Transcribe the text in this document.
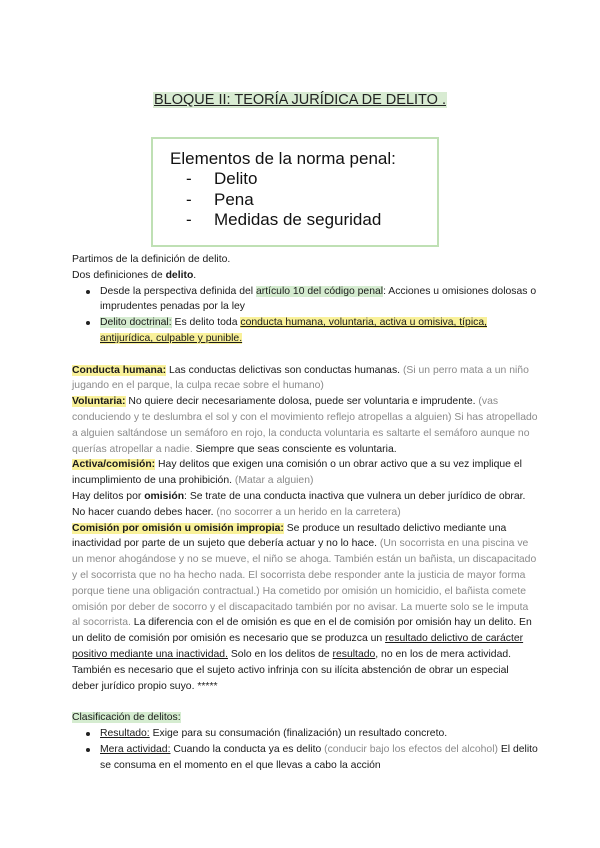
BLOQUE II: TEORÍA JURÍDICA DE DELITO .
Elementos de la norma penal:
- Delito
- Pena
- Medidas de seguridad

Partimos de la definición de delito.

Dos definiciones de delito.

Desde la perspectiva definida del artículo 10 del código penal: Acciones u omisiones dolosas o imprudentes penadas por la ley
Delito doctrinal: Es delito toda conducta humana, voluntaria, activa u omisiva, típica, antijurídica, culpable y punible.

Conducta humana: Las conductas delictivas son conductas humanas. (Si un perro mata a un niño jugando en el parque, la culpa recae sobre el humano)

Voluntaria: No quiere decir necesariamente dolosa, puede ser voluntaria e imprudente. (vas conduciendo y te deslumbra el sol y con el movimiento reflejo atropellas a alguien) Si has atropellado a alguien saltándose un semáforo en rojo, la conducta voluntaria es saltarte el semáforo aunque no querías atropellar a nadie. Siempre que seas consciente es voluntaria.

Activa/comisión: Hay delitos que exigen una comisión o un obrar activo que a su vez implique el incumplimiento de una prohibición. (Matar a alguien)

Hay delitos por omisión: Se trate de una conducta inactiva que vulnera un deber jurídico de obrar. No hacer cuando debes hacer. (no socorrer a un herido en la carretera)

Comisión por omisión u omisión impropia: Se produce un resultado delictivo mediante una inactividad por parte de un sujeto que debería actuar y no lo hace. (Un socorrista en una piscina ve un menor ahogándose y no se mueve, el niño se ahoga. También están un bañista, un discapacitado y el socorrista que no ha hecho nada. El socorrista debe responder ante la justicia de mayor forma porque tiene una obligación contractual.) Ha cometido por omisión un homicidio, el bañista comete omisión por deber de socorro y el discapacitado también por no avisar. La muerte solo se le imputa al socorrista. La diferencia con el de omisión es que en el de comisión por omisión hay un delito. En un delito de comisión por omisión es necesario que se produzca un resultado delictivo de carácter positivo mediante una inactividad. Solo en los delitos de resultado, no en los de mera actividad. También es necesario que el sujeto activo infrinja con su ilícita abstención de obrar un especial deber jurídico propio suyo. *****

Clasificación de delitos:

Resultado: Exige para su consumación (finalización) un resultado concreto.
Mera actividad: Cuando la conducta ya es delito (conducir bajo los efectos del alcohol) El delito se consuma en el momento en el que llevas a cabo la acción
